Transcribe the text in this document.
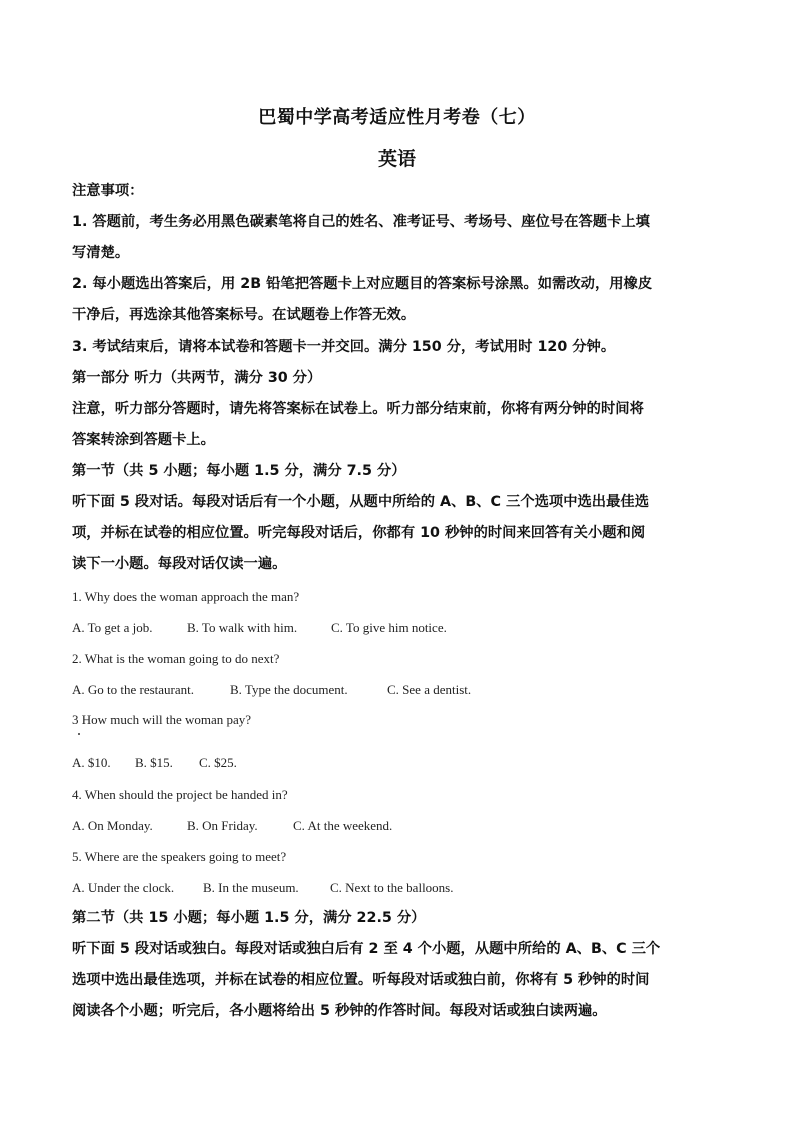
巴蜀中学高考适应性月考卷（七）
英语
注意事项：
1. 答题前，考生务必用黑色碳素笔将自己的姓名、准考证号、考场号、座位号在答题卡上填
写清楚。
2. 每小题选出答案后，用 2B 铅笔把答题卡上对应题目的答案标号涂黑。如需改动，用橡皮
干净后，再选涂其他答案标号。在试题卷上作答无效。
3. 考试结束后，请将本试卷和答题卡一并交回。满分 150 分，考试用时 120 分钟。
第一部分 听力（共两节，满分 30 分）
注意，听力部分答题时，请先将答案标在试卷上。听力部分结束前，你将有两分钟的时间将
答案转涂到答题卡上。
第一节（共 5 小题；每小题 1.5 分，满分 7.5 分）
听下面 5 段对话。每段对话后有一个小题，从题中所给的 A、B、C 三个选项中选出最佳选
项，并标在试卷的相应位置。听完每段对话后，你都有 10 秒钟的时间来回答有关小题和阅
读下一小题。每段对话仅读一遍。
1. Why does the woman approach the man?
A. To get a job.	B. To walk with him.	C. To give him notice.
2. What is the woman going to do next?
A. Go to the restaurant.	B. Type the document.	C. See a dentist.
3 How much will the woman pay?
A. $10. B. $15. C. $25.
4. When should the project be handed in?
A. On Monday.	B. On Friday.	C. At the weekend.
5. Where are the speakers going to meet?
A. Under the clock. B. In the museum. C. Next to the balloons.
第二节（共 15 小题；每小题 1.5 分，满分 22.5 分）
听下面 5 段对话或独白。每段对话或独白后有 2 至 4 个小题，从题中所给的 A、B、C 三个
选项中选出最佳选项，并标在试卷的相应位置。听每段对话或独白前，你将有 5 秒钟的时间
阅读各个小题；听完后，各小题将给出 5 秒钟的作答时间。每段对话或独白读两遍。
